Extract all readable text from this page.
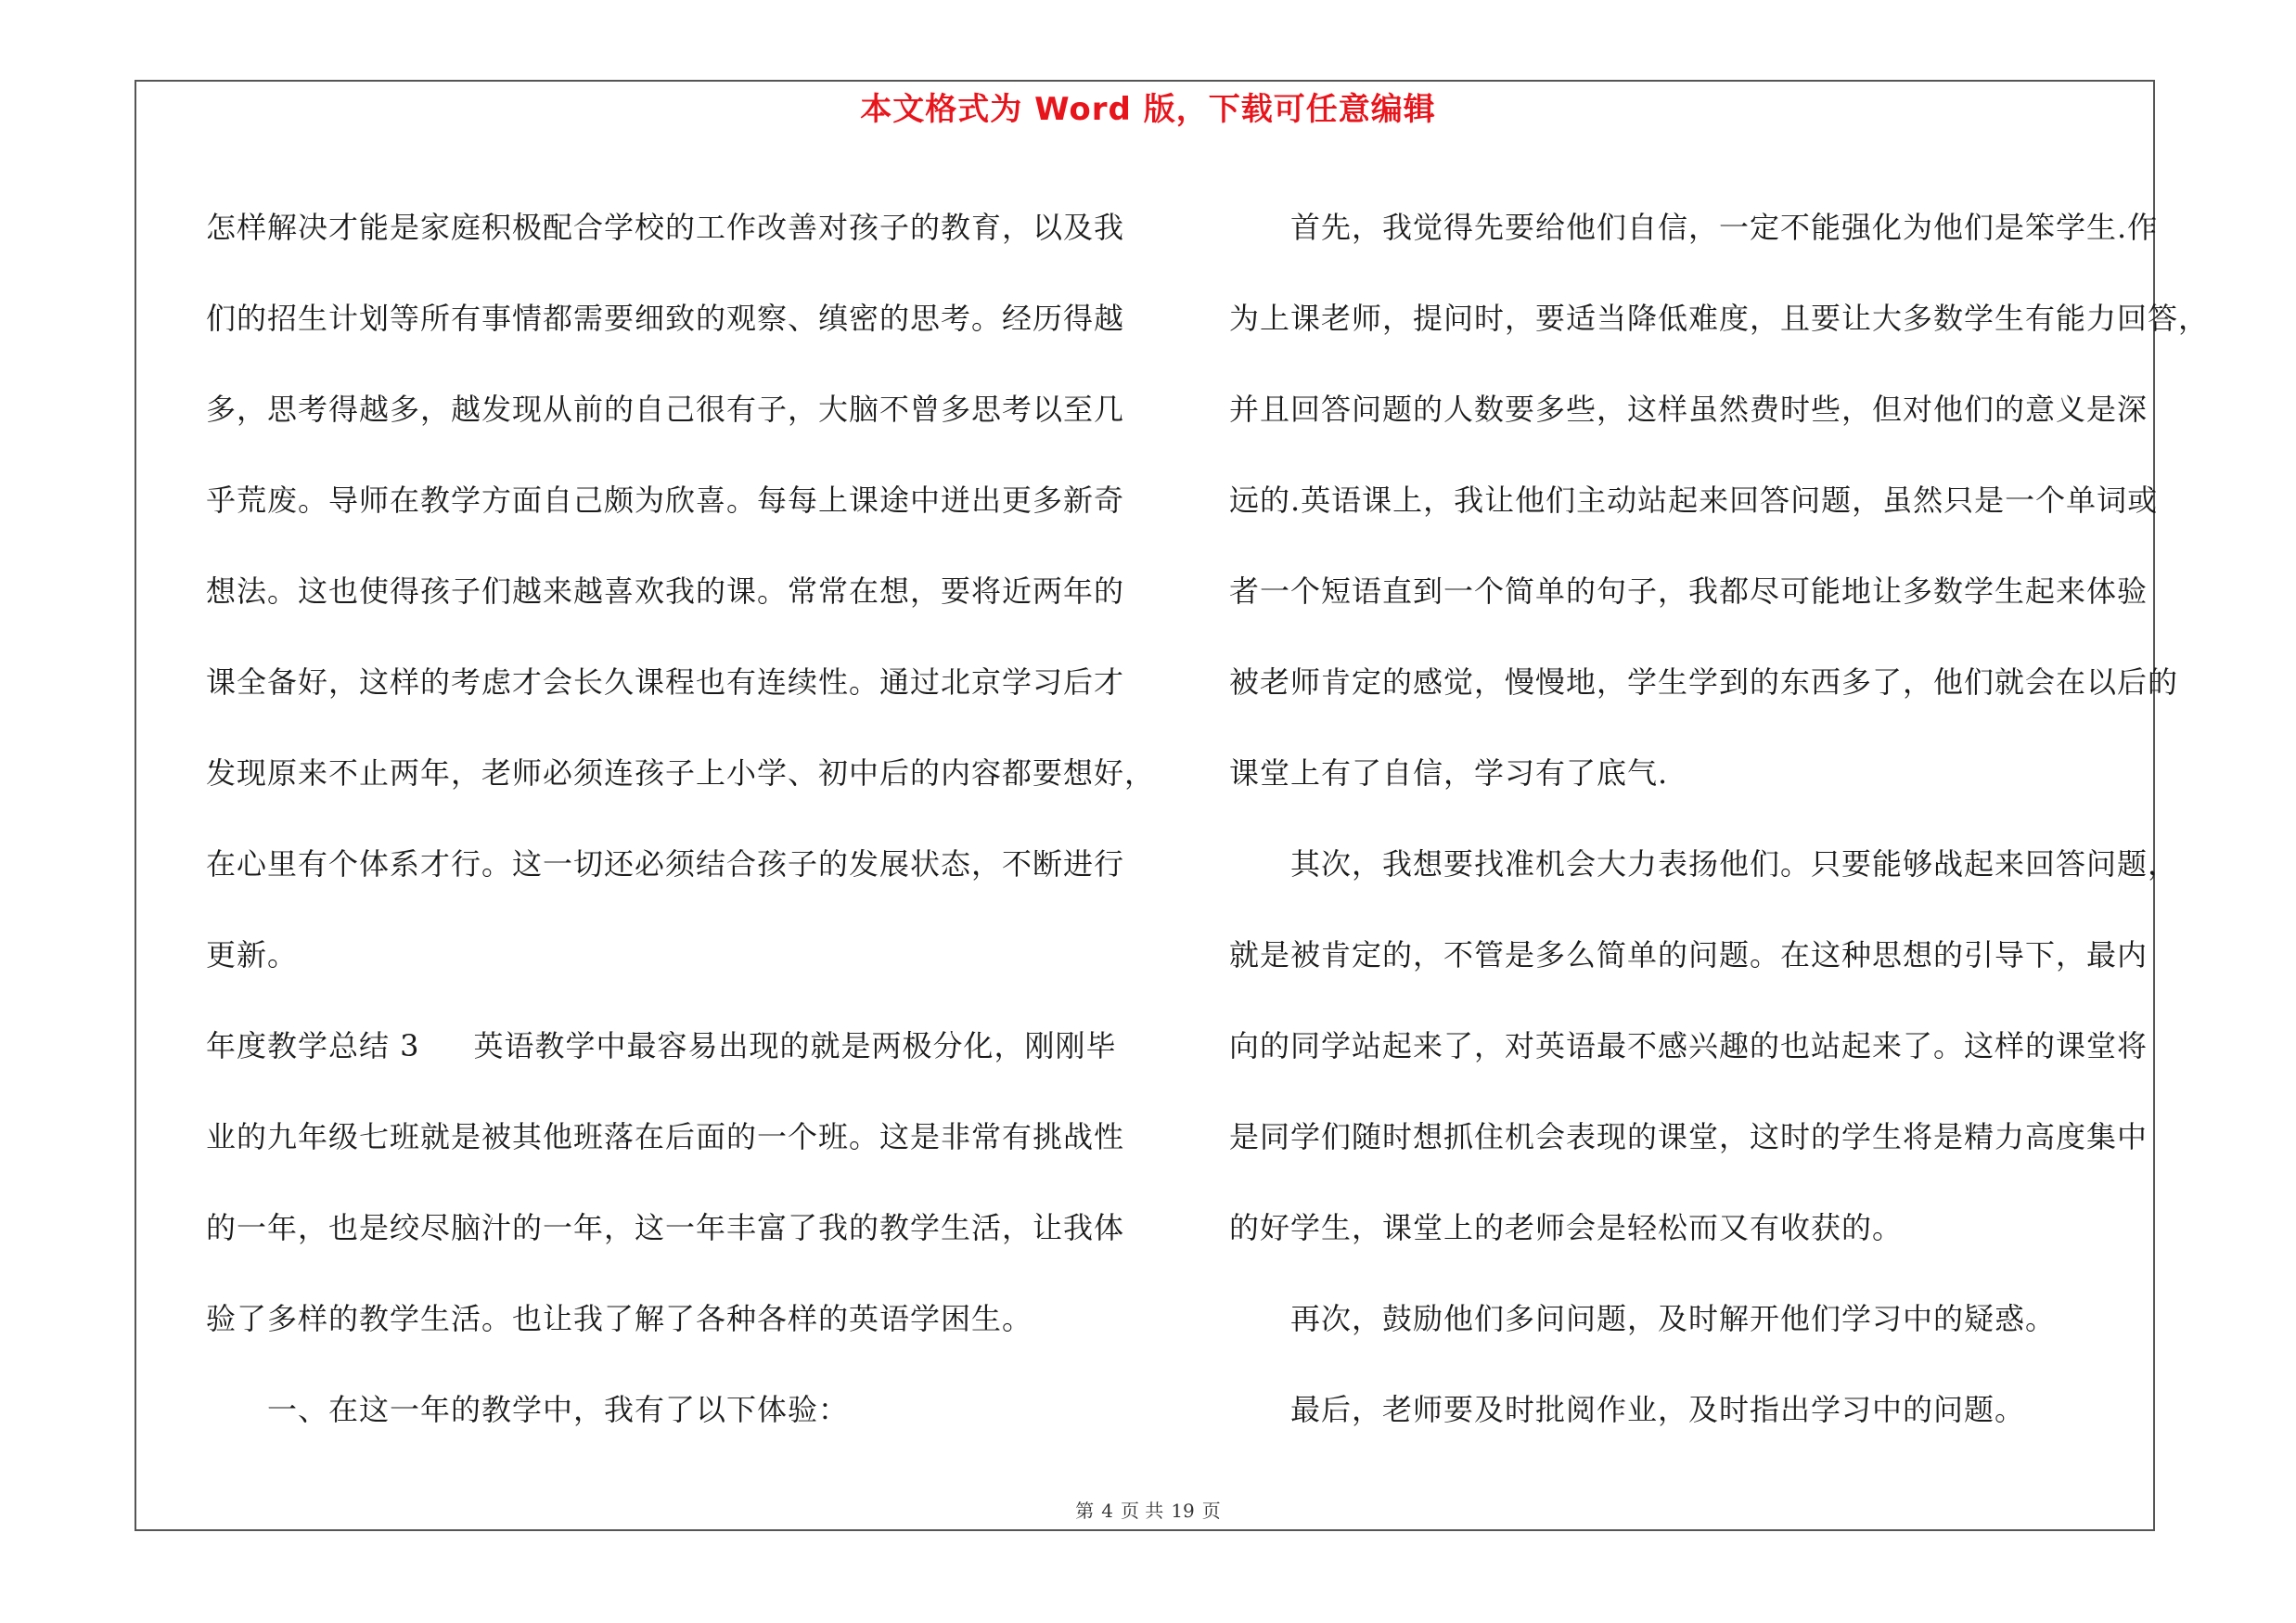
本文格式为 Word 版，下载可任意编辑
怎样解决才能是家庭积极配合学校的工作改善对孩子的教育，以及我
们的招生计划等所有事情都需要细致的观察、缜密的思考。经历得越
多，思考得越多，越发现从前的自己很有子，大脑不曾多思考以至几
乎荒废。导师在教学方面自己颇为欣喜。每每上课途中迸出更多新奇
想法。这也使得孩子们越来越喜欢我的课。常常在想，要将近两年的
课全备好，这样的考虑才会长久课程也有连续性。通过北京学习后才
发现原来不止两年，老师必须连孩子上小学、初中后的内容都要想好，
在心里有个体系才行。这一切还必须结合孩子的发展状态，不断进行
更新。
年度教学总结 3 英语教学中最容易出现的就是两极分化，刚刚毕
业的九年级七班就是被其他班落在后面的一个班。这是非常有挑战性
的一年，也是绞尽脑汁的一年，这一年丰富了我的教学生活，让我体
验了多样的教学生活。也让我了解了各种各样的英语学困生。
一、在这一年的教学中，我有了以下体验：
首先，我觉得先要给他们自信，一定不能强化为他们是笨学生.作
为上课老师，提问时，要适当降低难度，且要让大多数学生有能力回答，
并且回答问题的人数要多些，这样虽然费时些，但对他们的意义是深
远的.英语课上，我让他们主动站起来回答问题，虽然只是一个单词或
者一个短语直到一个简单的句子，我都尽可能地让多数学生起来体验
被老师肯定的感觉，慢慢地，学生学到的东西多了，他们就会在以后的
课堂上有了自信，学习有了底气.
其次，我想要找准机会大力表扬他们。只要能够战起来回答问题，
就是被肯定的，不管是多么简单的问题。在这种思想的引导下，最内
向的同学站起来了，对英语最不感兴趣的也站起来了。这样的课堂将
是同学们随时想抓住机会表现的课堂，这时的学生将是精力高度集中
的好学生，课堂上的老师会是轻松而又有收获的。
再次，鼓励他们多问问题，及时解开他们学习中的疑惑。
最后，老师要及时批阅作业，及时指出学习中的问题。
第 4 页 共 19 页
